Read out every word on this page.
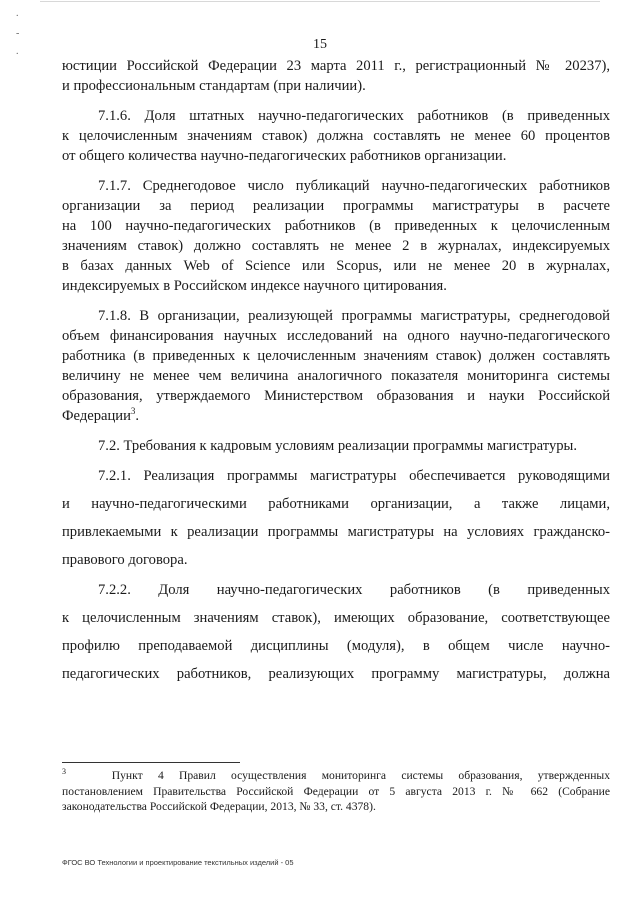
.
-
.	15
юстиции Российской Федерации 23 марта 2011 г., регистрационный № 20237),
и профессиональным стандартам (при наличии).
7.1.6. Доля штатных научно-педагогических работников (в приведенных
к целочисленным значениям ставок) должна составлять не менее 60 процентов
от общего количества научно-педагогических работников организации.
7.1.7. Среднегодовое число публикаций научно-педагогических работников
организации за период реализации программы магистратуры в расчете
на 100 научно-педагогических работников (в приведенных к целочисленным
значениям ставок) должно составлять не менее 2 в журналах, индексируемых
в базах данных Web of Science или Scopus, или не менее 20 в журналах,
индексируемых в Российском индексе научного цитирования.
7.1.8. В организации, реализующей программы магистратуры, среднегодовой
объем финансирования научных исследований на одного научно-педагогического
работника (в приведенных к целочисленным значениям ставок) должен составлять
величину не менее чем величина аналогичного показателя мониторинга системы
образования, утверждаемого Министерством образования и науки Российской
Федерации$^3$.
7.2. Требования к кадровым условиям реализации программы магистратуры.
7.2.1. Реализация программы магистратуры обеспечивается руководящими
и научно-педагогическими работниками организации, а также лицами,
привлекаемыми к реализации программы магистратуры на условиях гражданско-
правового договора.
7.2.2. Доля научно-педагогических работников (в приведенных
к целочисленным значениям ставок), имеющих образование, соответствующее
профилю преподаваемой дисциплины (модуля), в общем числе научно-
педагогических работников, реализующих программу магистратуры, должна
$^3$	Пункт 4 Правил осуществления мониторинга системы образования, утвержденных
постановлением Правительства Российской Федерации от 5 августа 2013 г. № 662 (Собрание
законодательства Российской Федерации, 2013, № 33, ст. 4378).
ФГОС ВО Технологии и проектирование текстильных изделий - 05
